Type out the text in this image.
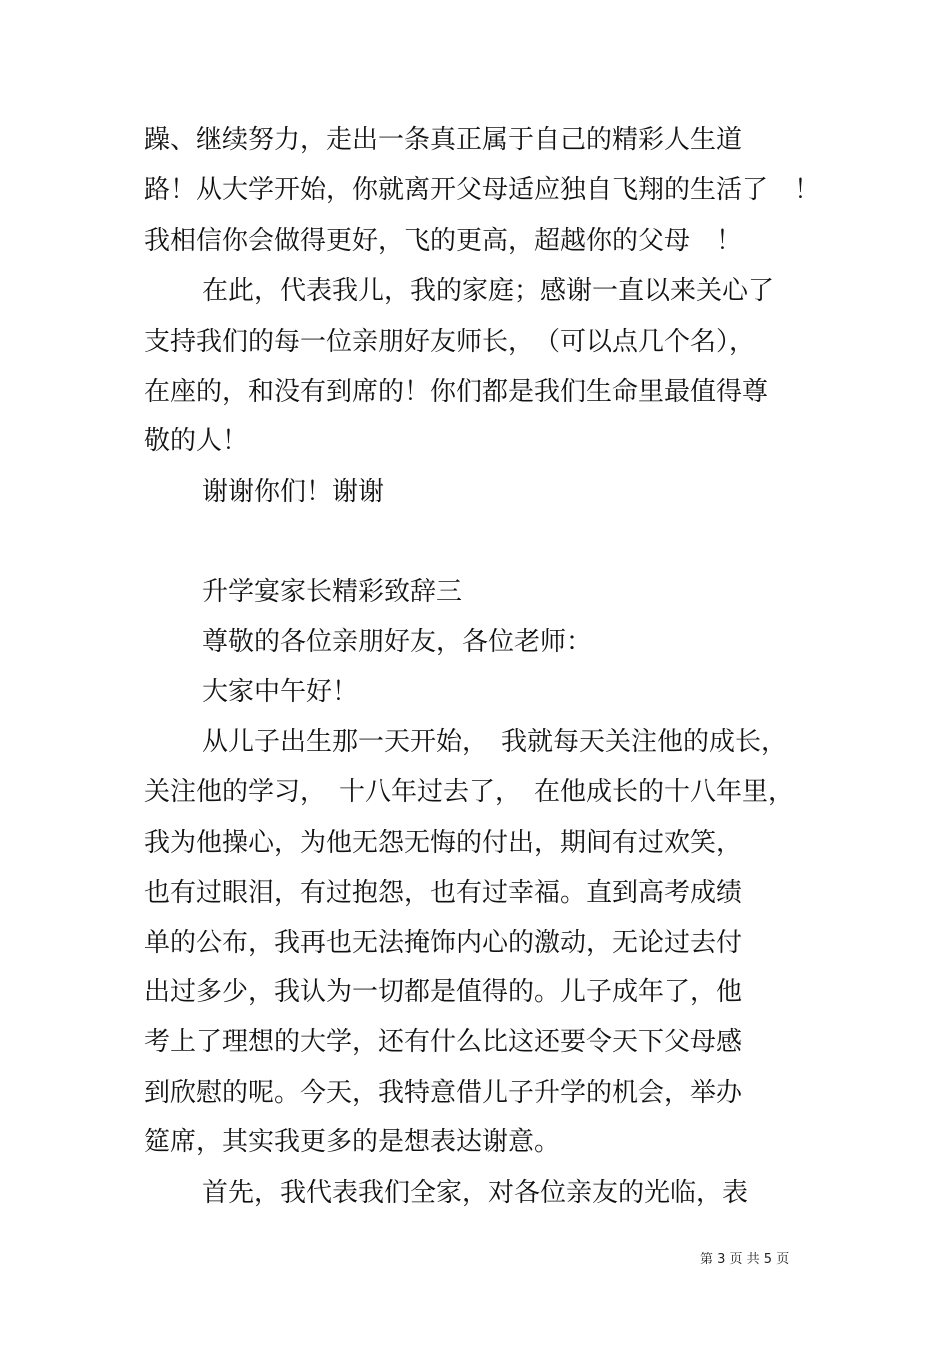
躁、继续努力，走出一条真正属于自己的精彩人生道
路！从大学开始，你就离开父母适应独自飞翔的生活了　！
我相信你会做得更好，飞的更高，超越你的父母　！
在此，代表我儿，我的家庭；感谢一直以来关心了
支持我们的每一位亲朋好友师长，　（可以点几个名），
在座的，和没有到席的！你们都是我们生命里最值得尊
敬的人！
谢谢你们！谢谢
升学宴家长精彩致辞三
尊敬的各位亲朋好友，各位老师：
大家中午好！
从儿子出生那一天开始，　我就每天关注他的成长，
关注他的学习，　十八年过去了，　在他成长的十八年里，
我为他操心，为他无怨无悔的付出，期间有过欢笑，
也有过眼泪，有过抱怨，也有过幸福。直到高考成绩
单的公布，我再也无法掩饰内心的激动，无论过去付
出过多少，我认为一切都是值得的。儿子成年了，他
考上了理想的大学，还有什么比这还要令天下父母感
到欣慰的呢。今天，我特意借儿子升学的机会，举办
筵席，其实我更多的是想表达谢意。
首先，我代表我们全家，对各位亲友的光临，表
第 3 页 共 5 页
